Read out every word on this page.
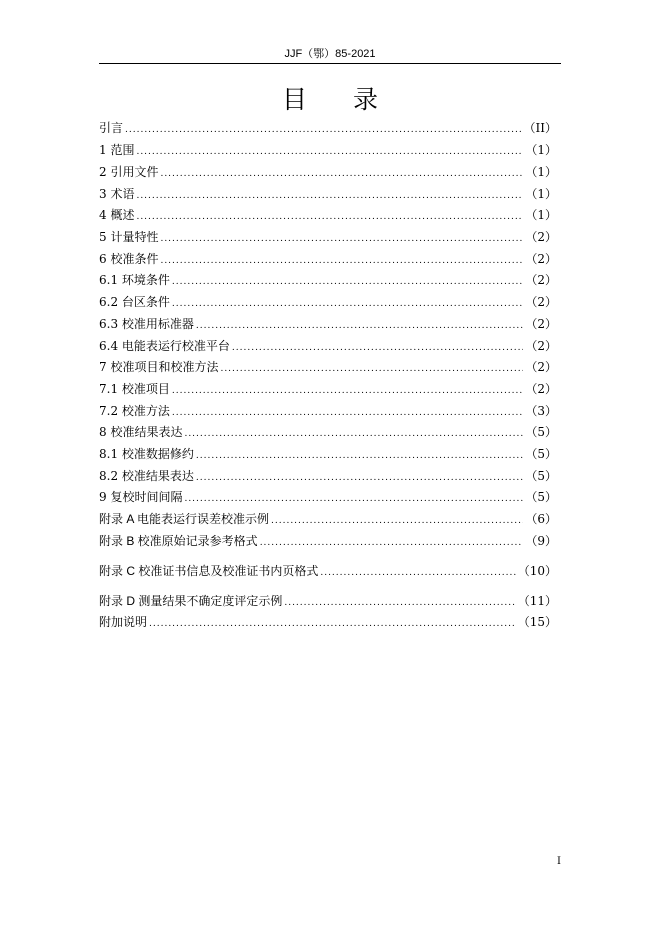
JJF（鄂）85-2021
目录
引言 .....	（II）
1 范围 .....	（1）
2 引用文件 .....	（1）
3 术语 .....	（1）
4 概述 .....	（1）
5 计量特性 .....	（2）
6 校准条件 .....	（2）
6.1 环境条件 .....	（2）
6.2 台区条件 .....	（2）
6.3 校准用标准器 .....	（2）
6.4 电能表运行校准平台 .....	（2）
7 校准项目和校准方法 .....	（2）
7.1 校准项目 .....	（2）
7.2 校准方法 .....	（3）
8 校准结果表达 .....	（5）
8.1 校准数据修约 .....	（5）
8.2 校准结果表达 .....	（5）
9 复校时间间隔 .....	（5）
附录 A 电能表运行误差校准示例 .....	（6）
附录 B 校准原始记录参考格式 .....	（9）
附录 C 校准证书信息及校准证书内页格式 .....	（10）
附录 D 测量结果不确定度评定示例 .....	（11）
附加说明 .....	（15）
I
